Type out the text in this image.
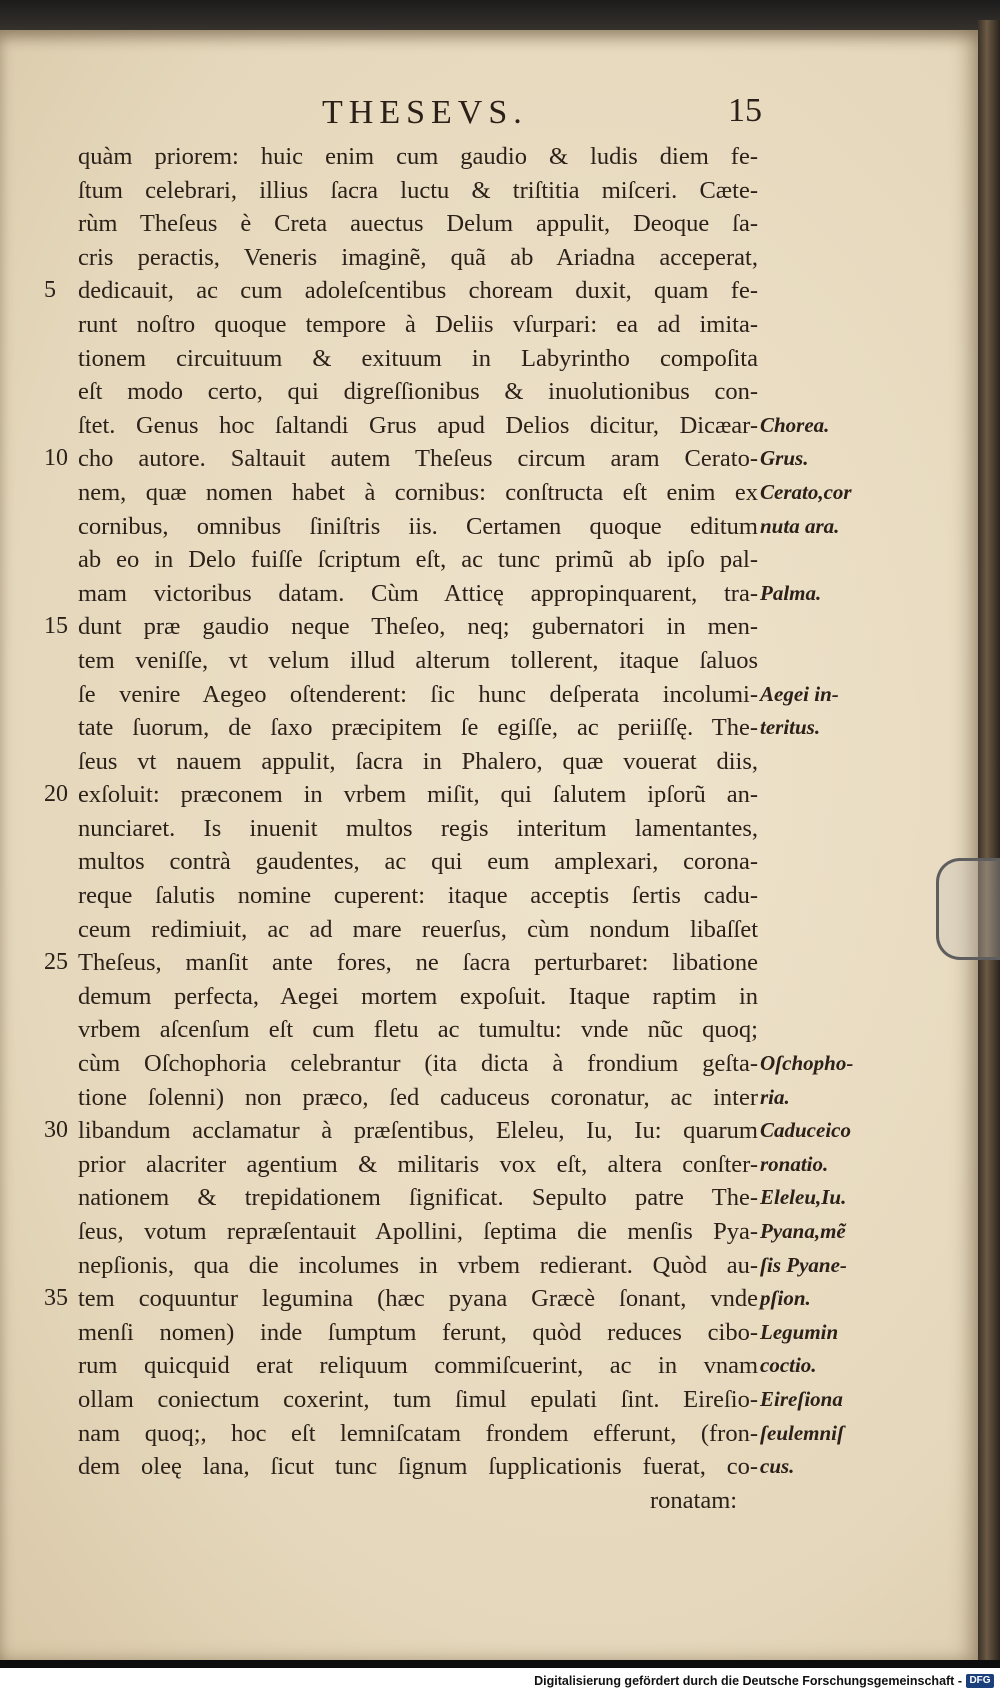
THESEVS.	15
quàm priorem: huic enim cum gaudio & ludis diem fe-
ſtum celebrari, illius ſacra luctu & triſtitia miſceri. Cæte-
rùm Theſeus è Creta auectus Delum appulit, Deoque ſa-
cris peractis, Veneris imaginẽ, quã ab Ariadna acceperat,
5 dedicauit, ac cum adoleſcentibus choream duxit, quam fe-
runt noſtro quoque tempore à Deliis vſurpari: ea ad imita-
tionem circuituum & exituum in Labyrintho compoſita
eſt modo certo, qui digreſſionibus & inuolutionibus con-
ſtet. Genus hoc ſaltandi Grus apud Delios dicitur, Dicæar- Chorea.
10 cho autore. Saltauit autem Theſeus circum aram Cerato- Grus.
nem, quæ nomen habet à cornibus: conſtructa eſt enim ex Cerato,cor
cornibus, omnibus ſiniſtris iis. Certamen quoque editum nuta ara.
ab eo in Delo fuiſſe ſcriptum eſt, ac tunc primũ ab ipſo pal-
mam victoribus datam. Cùm Atticę appropinquarent, tra- Palma.
15 dunt præ gaudio neque Theſeo, neq; gubernatori in men-
tem veniſſe, vt velum illud alterum tollerent, itaque ſaluos
ſe venire Aegeo oſtenderent: ſic hunc deſperata incolumi- Aegei in-
tate ſuorum, de ſaxo præcipitem ſe egiſſe, ac periiſſę. The- teritus.
ſeus vt nauem appulit, ſacra in Phalero, quæ vouerat diis,
20 exſoluit: præconem in vrbem miſit, qui ſalutem ipſorũ an-
nunciaret. Is inuenit multos regis interitum lamentantes,
multos contrà gaudentes, ac qui eum amplexari, corona-
reque ſalutis nomine cuperent: itaque acceptis ſertis cadu-
ceum redimiuit, ac ad mare reuerſus, cùm nondum libaſſet
25 Theſeus, manſit ante fores, ne ſacra perturbaret: libatione
demum perfecta, Aegei mortem expoſuit. Itaque raptim in
vrbem aſcenſum eſt cum fletu ac tumultu: vnde nũc quoq;
cùm Oſchophoria celebrantur (ita dicta à frondium geſta- Oſchopho-
tione ſolenni) non præco, ſed caduceus coronatur, ac inter ria.
30 libandum acclamatur à præſentibus, Eleleu, Iu, Iu: quarum Caduceico
prior alacriter agentium & militaris vox eſt, altera conſter- ronatio.
nationem & trepidationem ſignificat. Sepulto patre The- Eleleu,Iu.
ſeus, votum repræſentauit Apollini, ſeptima die menſis Pya- Pyana,mẽ
nepſionis, qua die incolumes in vrbem redierant. Quòd au- ſis Pyane-
35 tem coquuntur legumina (hæc pyana Græcè ſonant, vnde pſion.
menſi nomen) inde ſumptum ferunt, quòd reduces cibo- Legumin
rum quicquid erat reliquum commiſcuerint, ac in vnam coctio.
ollam coniectum coxerint, tum ſimul epulati ſint. Eireſio- Eireſiona
nam quoq;, hoc eſt lemniſcatam frondem efferunt, (fron- ſeulemniſ
dem oleę lana, ſicut tunc ſignum ſupplicationis fuerat, co- cus.
ronatam:
Digitalisierung gefördert durch die Deutsche Forschungsgemeinschaft - DFG
